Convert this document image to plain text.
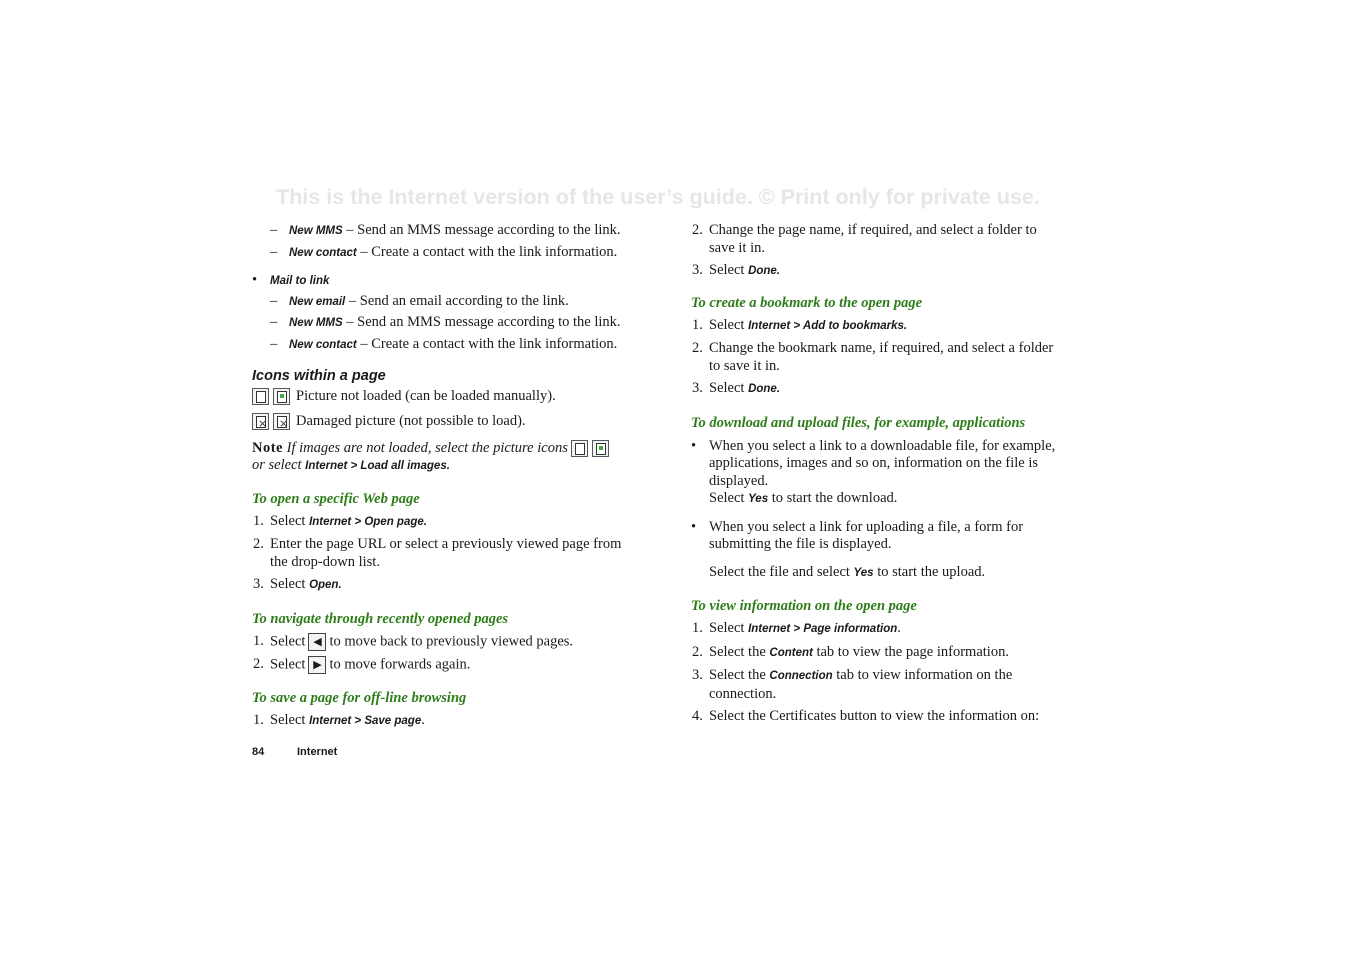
This is the Internet version of the user’s guide. © Print only for private use.
– New MMS – Send an MMS message according to the link.
– New contact – Create a contact with the link information.
• Mail to link
– New email – Send an email according to the link.
– New MMS – Send an MMS message according to the link.
– New contact – Create a contact with the link information.
Icons within a page
Picture not loaded (can be loaded manually).
×
×
Damaged picture (not possible to load).
Note If images are not loaded, select the picture icons

or select Internet > Load all images.
To open a specific Web page
1. Select Internet > Open page.
2. Enter the page URL or select a previously viewed page from the drop-down list.
3. Select Open.
To navigate through recently opened pages
1. Select ◀ to move back to previously viewed pages.
2. Select ▶ to move forwards again.
To save a page for off-line browsing
1. Select Internet > Save page.
2. Change the page name, if required, and select a folder to save it in.
3. Select Done.
To create a bookmark to the open page
1. Select Internet > Add to bookmarks.
2. Change the bookmark name, if required, and select a folder to save it in.
3. Select Done.
To download and upload files, for example, applications
• When you select a link to a downloadable file, for example, applications, images and so on, information on the file is displayed.
Select Yes to start the download.
• When you select a link for uploading a file, a form for submitting the file is displayed.
Select the file and select Yes to start the upload.
To view information on the open page
1. Select Internet > Page information.
2. Select the Content tab to view the page information.
3. Select the Connection tab to view information on the connection.
4. Select the Certificates button to view the information on:
84	Internet
